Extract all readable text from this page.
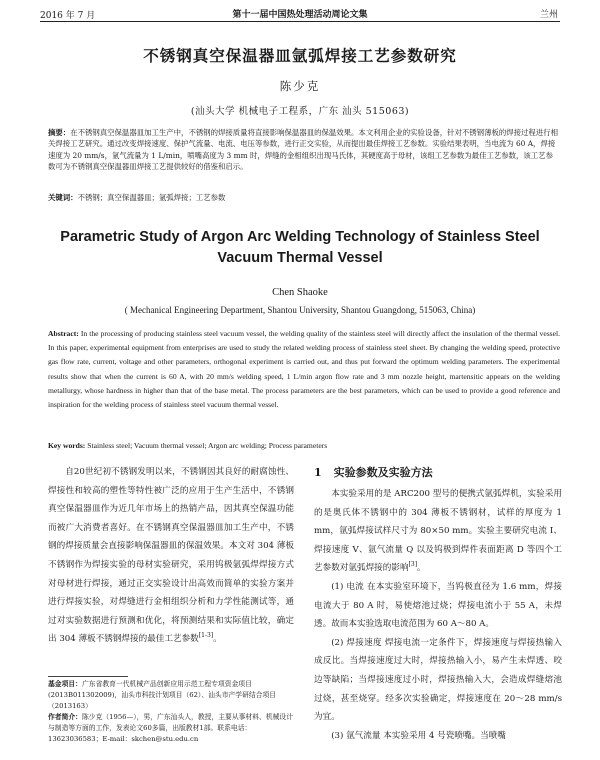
2016 年 7 月	第十一届中国热处理活动周论文集	兰州
不锈钢真空保温器皿氩弧焊接工艺参数研究
陈少克
(汕头大学 机械电子工程系，广东 汕头 515063)
摘要：在不锈钢真空保温器皿加工生产中，不锈钢的焊接质量将直接影响保温器皿的保温效果。本文利用企业的实验设备，针对不锈钢薄板的焊接过程进行相关焊接工艺研究。通过改变焊接速度、保护气流量、电流、电压等参数，进行正交实验，从而提出最佳焊接工艺参数。实验结果表明，当电流为 60 A，焊接速度为 20 mm/s，氩气流量为 1 L/min，喷嘴高度为 3 mm 时，焊缝的金相组织出现马氏体，其硬度高于母材，该组工艺参数为最佳工艺参数，该工艺参数可为不锈钢真空保温器皿焊接工艺提供较好的借鉴和启示。
关键词：不锈钢；真空保温器皿；氩弧焊接；工艺参数
Parametric Study of Argon Arc Welding Technology of Stainless Steel Vacuum Thermal Vessel
Chen Shaoke
( Mechanical Engineering Department, Shantou University, Shantou Guangdong, 515063, China)
Abstract: In the processing of producing stainless steel vacuum vessel, the welding quality of the stainless steel will directly affect the insulation of the thermal vessel. In this paper, experimental equipment from enterprises are used to study the related welding process of stainless steel sheet. By changing the welding speed, protective gas flow rate, current, voltage and other parameters, orthogonal experiment is carried out, and thus put forward the optimum welding parameters. The experimental results show that when the current is 60 A, with 20 mm/s welding speed, 1 L/min argon flow rate and 3 mm nozzle height, martensitic appears on the welding metallurgy, whose hardness in higher than that of the base metal. The process parameters are the best parameters, which can be used to provide a good reference and inspiration for the welding process of stainless steel vacuum thermal vessel.
Key words: Stainless steel; Vacuum thermal vessel; Argon arc welding; Process parameters

自20世纪初不锈钢发明以来，不锈钢因其良好的耐腐蚀性、焊接性和较高的塑性等特性被广泛的应用于生产生活中，不锈钢真空保温器皿作为近几年市场上的热销产品，因其真空保温功能而被广大消费者喜好。在不锈钢真空保温器皿加工生产中，不锈钢的焊接质量会直接影响保温器皿的保温效果。本文对 304 薄板不锈钢作为焊接实验的母材实验研究，采用钨极氩弧焊焊接方式对母材进行焊接，通过正交实验设计出高效而简单的实验方案并进行焊接实验，对焊缝进行金相组织分析和力学性能测试等，通过对实验数据进行预测和优化，将预测结果和实际值比较，确定出 304 薄板不锈钢焊接的最佳工艺参数[1-3]。

基金项目：广东省教育一代机械产品创新应用示范工程专项资金项目(2013B011302009)，汕头市科技计划项目（62）、汕头市产学研结合项目（2013163）

作者简介：陈少克（1956—），男，广东汕头人，教授，主要从事材料、机械设计与制造等方面的工作，发表论文60多篇，出版教材1部。联系电话：13623036583；E-mail：skchen@stu.edu.cn

1 实验参数及实验方法

本实验采用的是 ARC200 型号的便携式氩弧焊机，实验采用的是奥氏体不锈钢中的 304 薄板不锈钢材，试样的厚度为 1 mm，氩弧焊接试样尺寸为 80×50 mm。实验主要研究电流 I、焊接速度 V、氩气流量 Q 以及钨极到焊件表面距离 D 等四个工艺参数对氩弧焊接的影响[3]。

(1) 电流 在本实验室环境下，当钨极直径为 1.6 mm，焊接电流大于 80 A 时，易使熔池过烧；焊接电流小于 55 A，未焊透。故而本实验选取电流范围为 60 A～80 A。

(2) 焊接速度 焊接电流一定条件下，焊接速度与焊接热输入成反比。当焊接速度过大时，焊接热输入小，易产生未焊透、咬边等缺陷；当焊接速度过小时，焊接热输入大，会造成焊缝熔池过烧，甚至烧穿。经多次实验确定，焊接速度在 20～28 mm/s 为宜。

(3) 氩气流量 本实验采用 4 号瓷喷嘴。当喷嘴
